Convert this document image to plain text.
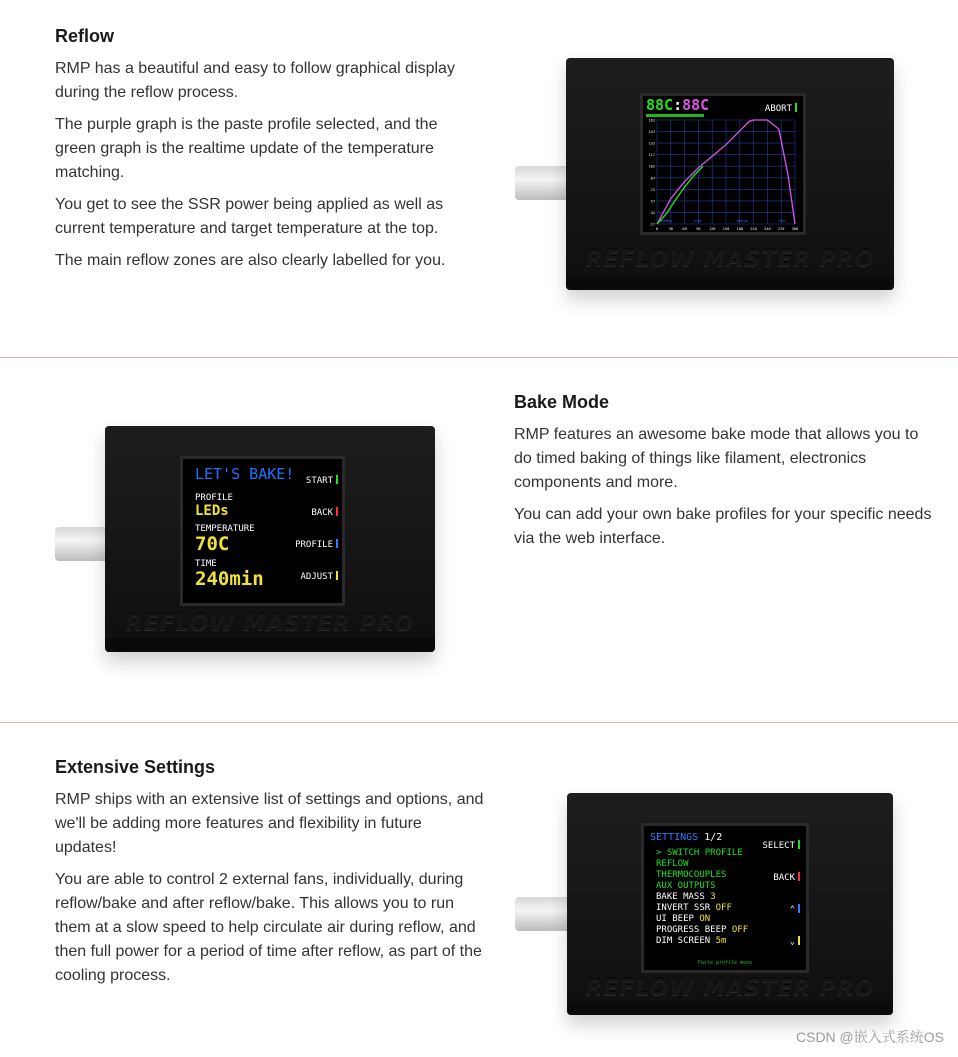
Reflow

RMP has a beautiful and easy to follow graphical display during the reflow process.

The purple graph is the paste profile selected, and the green graph is the realtime update of the temperature matching.

You get to see the SSR power being applied as well as current temperature and target temperature at the top.

The main reflow zones are also clearly labelled for you.	REFLOW MASTER PRO
88C:88C	ABORT
162
147
132
117
102
87
72
57
42
27
0	30	60	90 120 150 180 210 240 270 300
PREHEAT	SOAK	REFLOW	COOL
REFLOW MASTER PRO
LET'S BAKE!
PROFILE
LEDs
TEMPERATURE
70C
TIME
240min
START
BACK
PROFILE
ADJUST
Bake Mode

RMP features an awesome bake mode that allows you to do timed baking of things like filament, electronics components and more.

You can add your own bake profiles for your specific needs via the web interface.

Extensive Settings

RMP ships with an extensive list of settings and options, and we'll be adding more features and flexibility in future updates!

You are able to control 2 external fans, individually, during reflow/bake and after reflow/bake. This allows you to run them at a slow speed to help circulate air during reflow, and then full power for a period of time after reflow, as part of the cooling process.

REFLOW MASTER PRO
SETTINGS 1/2
> SWITCH PROFILE
REFLOW
THERMOCOUPLES
AUX OUTPUTS
BAKE MASS 3
INVERT SSR OFF
UI BEEP ON
PROGRESS BEEP OFF
DIM SCREEN 5m
SELECT
BACK
⌃
⌄
Paste profile menu
CSDN @嵌入式系统OS
